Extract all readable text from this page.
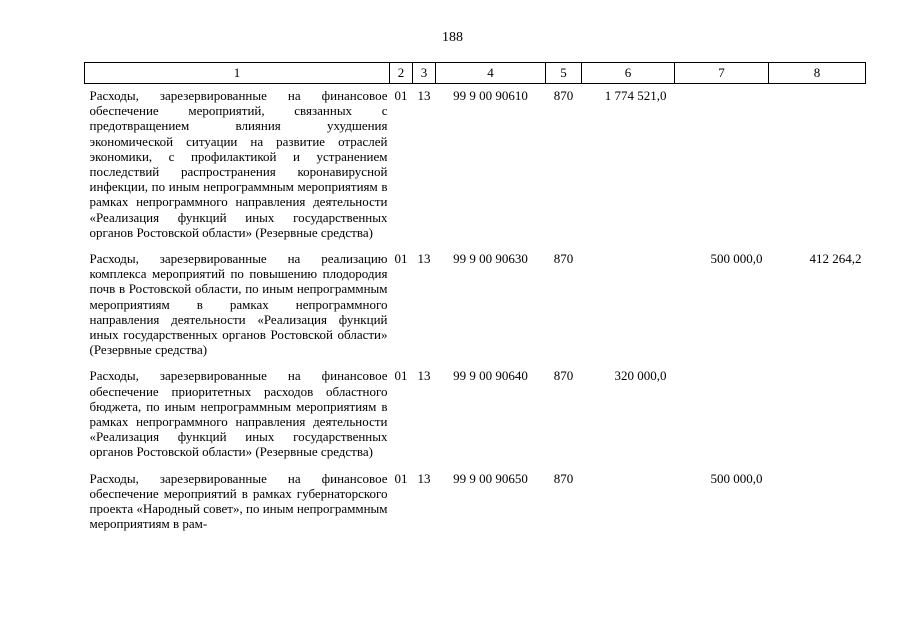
188
1	2	3	4	5	6	7	8
Расходы, зарезервированные на финансовое обеспечение мероприятий, связанных с предотвращением влияния ухудшения экономической ситуации на развитие отраслей экономики, с профилактикой и устранением последствий распространения коронавирусной инфекции, по иным непрограммным мероприятиям в рамках непрограммного направления деятельности «Реализация функций иных государственных органов Ростовской области» (Резервные средства)	01	13	99 9 00 90610	870	1 774 521,0		
Расходы, зарезервированные на реализацию комплекса мероприятий по повышению плодородия почв в Ростовской области, по иным непрограммным мероприятиям в рамках непрограммного направления деятельности «Реализация функций иных государственных органов Ростовской области» (Резервные средства)	01	13	99 9 00 90630	870		500 000,0	412 264,2
Расходы, зарезервированные на финансовое обеспечение приоритетных расходов областного бюджета, по иным непрограммным мероприятиям в рамках непрограммного направления деятельности «Реализация функций иных государственных органов Ростовской области» (Резервные средства)	01	13	99 9 00 90640	870	320 000,0		
Расходы, зарезервированные на финансовое обеспечение мероприятий в рамках губернаторского проекта «Народный совет», по иным непрограммным мероприятиям в рам-	01	13	99 9 00 90650	870		500 000,0	
